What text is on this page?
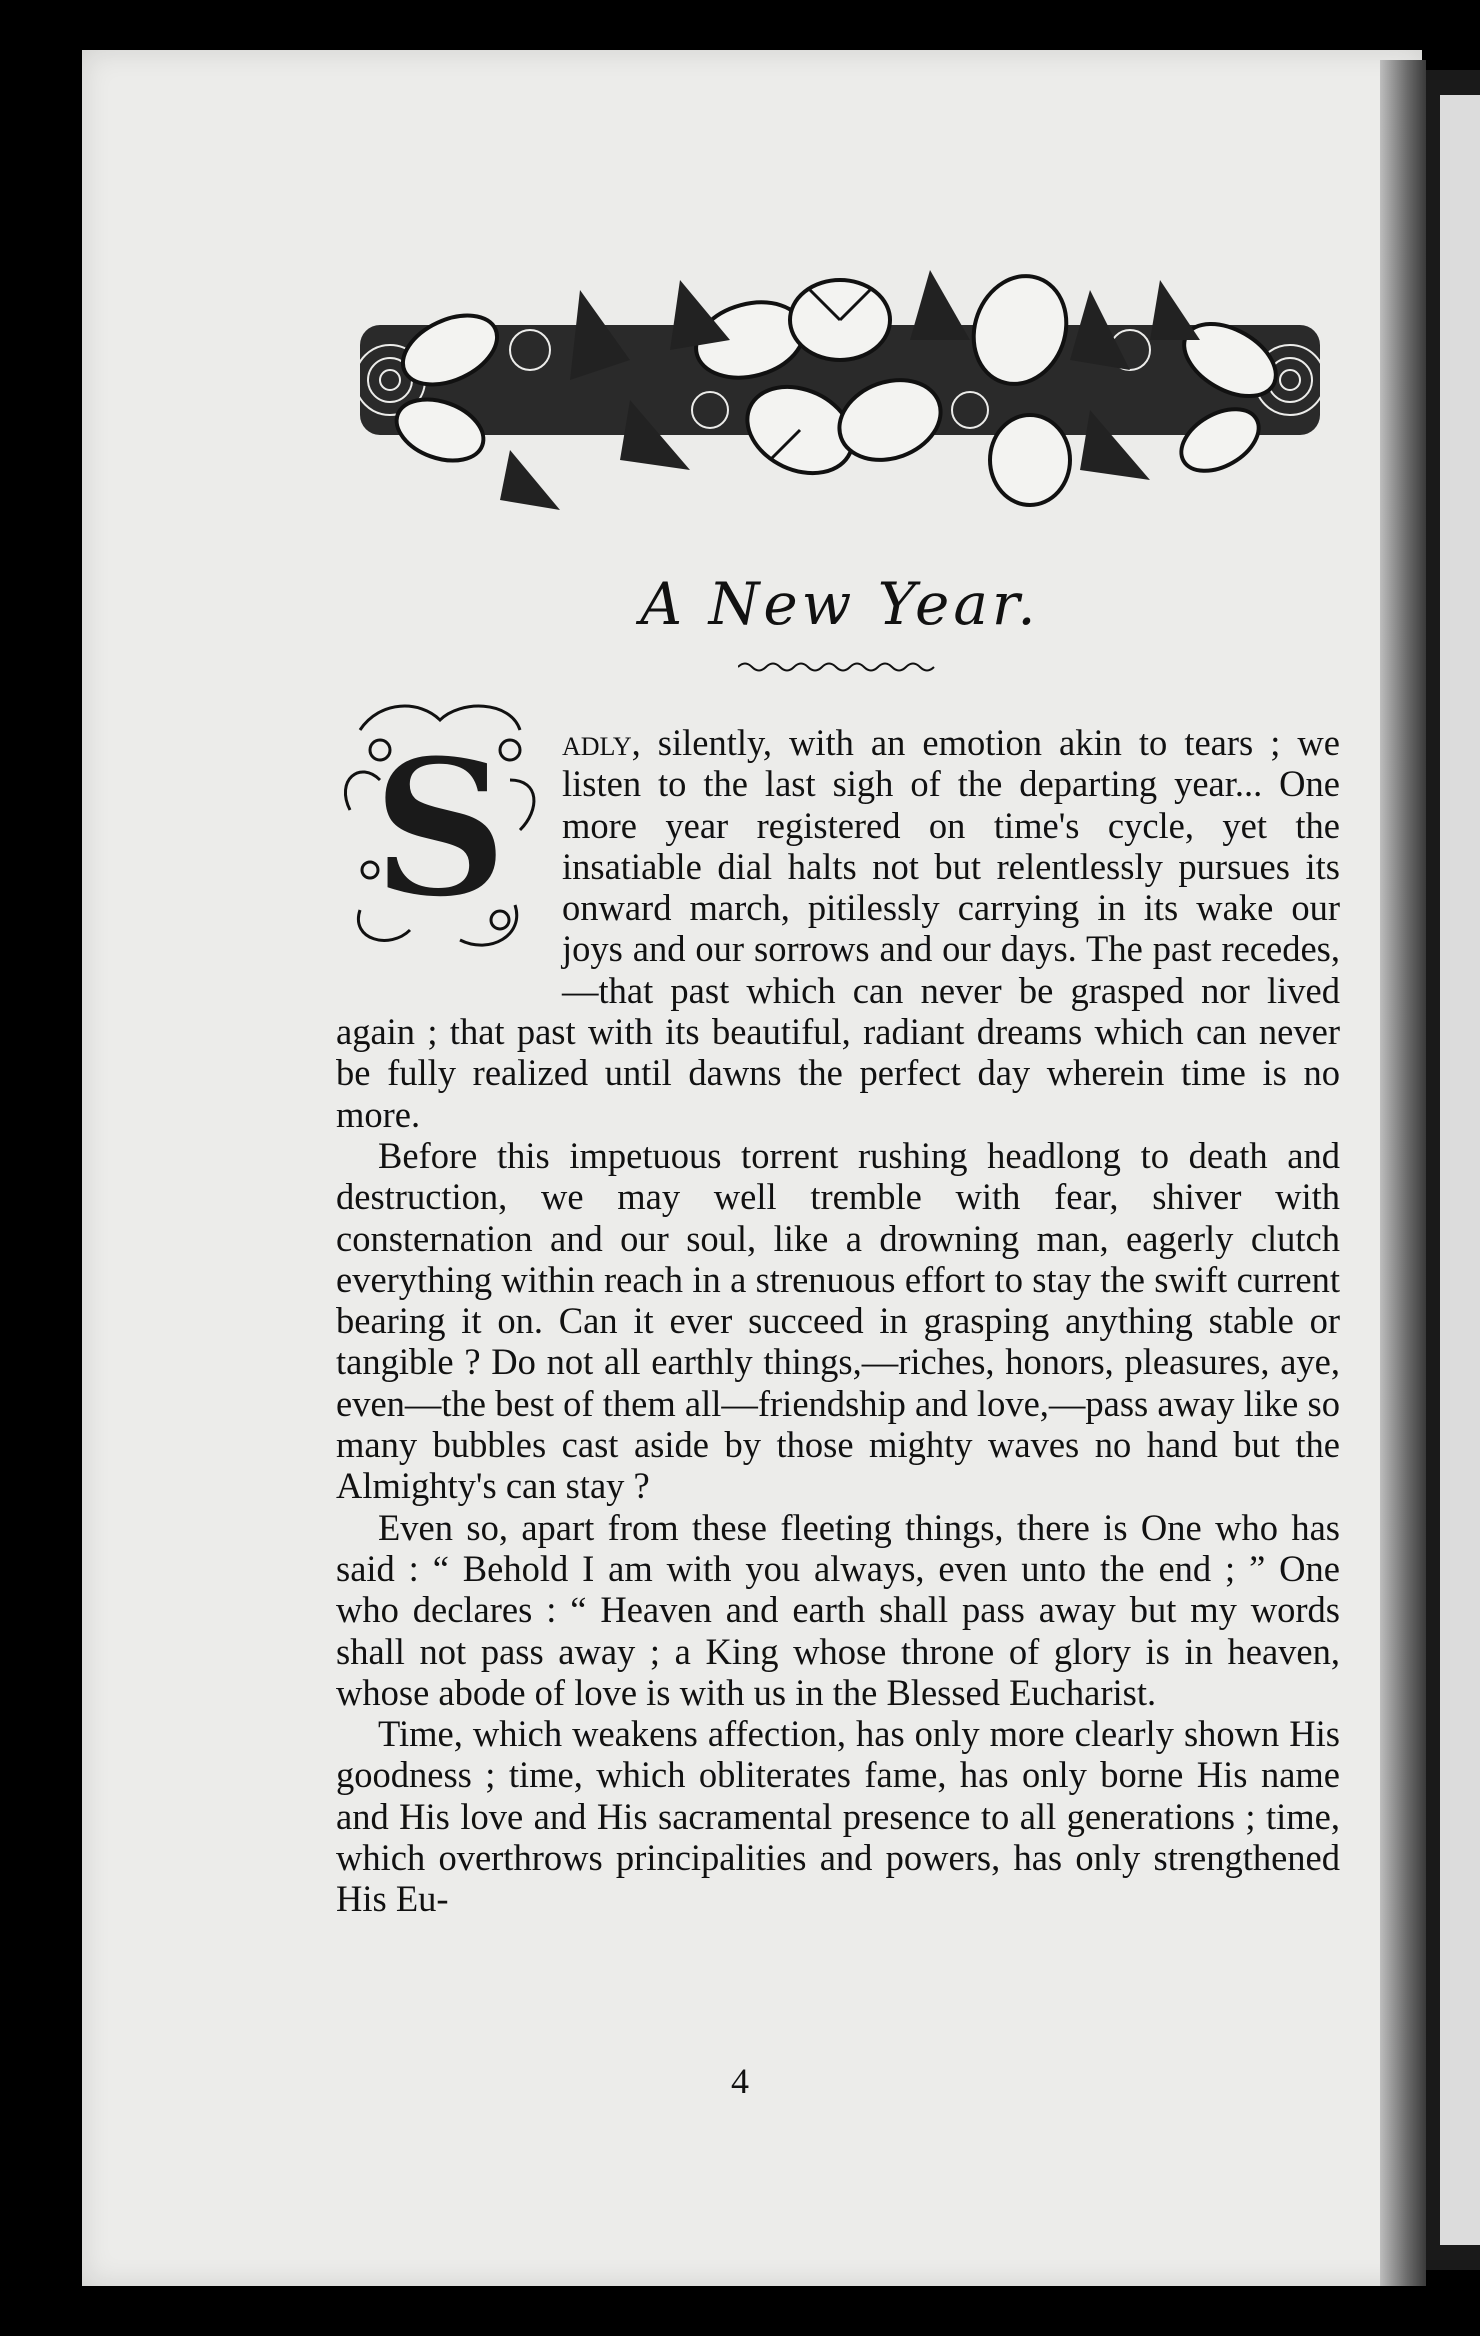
A New Year.
S	adly, silently, with an emotion akin to tears ; we listen to the last sigh of the departing year... One more year registered on time's cycle, yet the insatiable dial halts not but relentlessly pursues its onward march, pitilessly carrying in its wake our joys and our sorrows and our days. The past recedes,—that past which can never be grasped nor lived again ; that past with its beautiful, radiant dreams which can never be fully realized until dawns the perfect day wherein time is no more.

Before this impetuous torrent rushing headlong to death and destruction, we may well tremble with fear, shiver with consternation and our soul, like a drowning man, eagerly clutch everything within reach in a strenuous effort to stay the swift current bearing it on. Can it ever succeed in grasping anything stable or tangible ? Do not all earthly things,—riches, honors, pleasures, aye, even—the best of them all—friendship and love,—pass away like so many bubbles cast aside by those mighty waves no hand but the Almighty's can stay ?

Even so, apart from these fleeting things, there is One who has said : “ Behold I am with you always, even unto the end ; ” One who declares : “ Heaven and earth shall pass away but my words shall not pass away ; a King whose throne of glory is in heaven, whose abode of love is with us in the Blessed Eucharist.

Time, which weakens affection, has only more clearly shown His goodness ; time, which obliterates fame, has only borne His name and His love and His sacramental presence to all generations ; time, which overthrows principalities and powers, has only strengthened His Eu-

4
